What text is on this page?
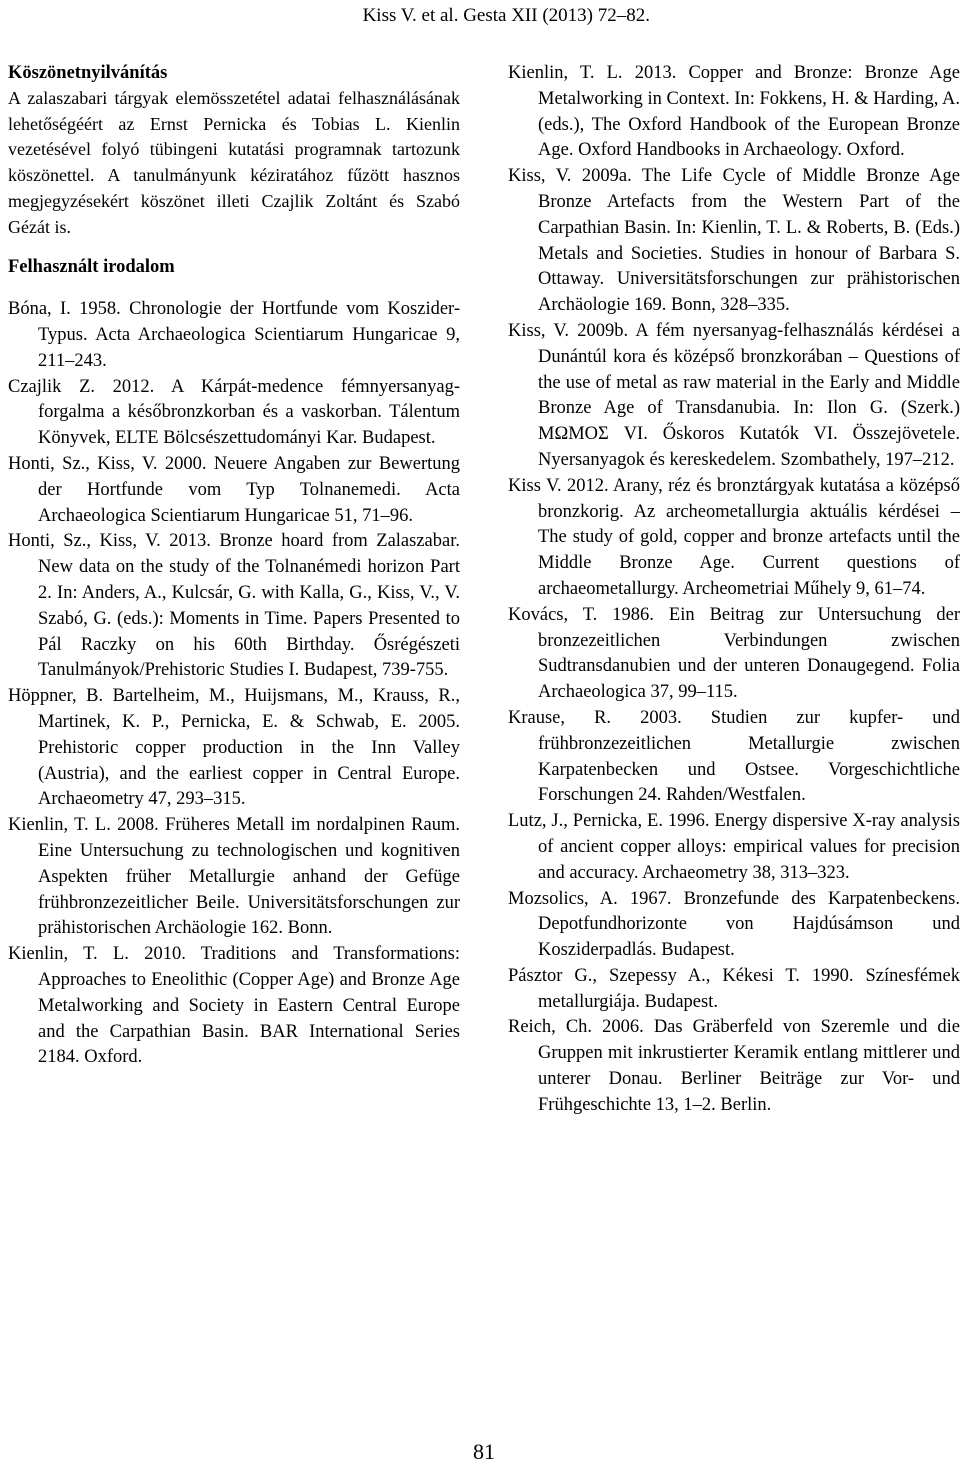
Kiss V. et al. Gesta XII (2013) 72–82.
Köszönetnyilvánítás

A zalaszabari tárgyak elemösszetétel adatai felhasználásának lehetőségéért az Ernst Pernicka és Tobias L. Kienlin vezetésével folyó tübingeni kutatási programnak tartozunk köszönettel. A tanulmányunk kéziratához fűzött hasznos megjegyzésekért köszönet illeti Czajlik Zoltánt és Szabó Gézát is.

Felhasznált irodalom

Bóna, I. 1958. Chronologie der Hortfunde vom Koszider-Typus. Acta Archaeologica Scientiarum Hungaricae 9, 211–243.

Czajlik Z. 2012. A Kárpát-medence fémnyersanyag-forgalma a későbronzkorban és a vaskorban. Tálentum Könyvek, ELTE Bölcsészettudományi Kar. Budapest.

Honti, Sz., Kiss, V. 2000. Neuere Angaben zur Bewertung der Hortfunde vom Typ Tolnanemedi. Acta Archaeologica Scientiarum Hungaricae 51, 71–96.

Honti, Sz., Kiss, V. 2013. Bronze hoard from Zalaszabar. New data on the study of the Tolnanémedi horizon Part 2. In: Anders, A., Kulcsár, G. with Kalla, G., Kiss, V., V. Szabó, G. (eds.): Moments in Time. Papers Presented to Pál Raczky on his 60th Birthday. Ősrégészeti Tanulmányok/Prehistoric Studies I. Budapest, 739-755.

Höppner, B. Bartelheim, M., Huijsmans, M., Krauss, R., Martinek, K. P., Pernicka, E. & Schwab, E. 2005. Prehistoric copper production in the Inn Valley (Austria), and the earliest copper in Central Europe. Archaeometry 47, 293–315.

Kienlin, T. L. 2008. Früheres Metall im nordalpinen Raum. Eine Untersuchung zu technologischen und kognitiven Aspekten früher Metallurgie anhand der Gefüge frühbronzezeitlicher Beile. Universitätsforschungen zur prähistorischen Archäologie 162. Bonn.

Kienlin, T. L. 2010. Traditions and Transformations: Approaches to Eneolithic (Copper Age) and Bronze Age Metalworking and Society in Eastern Central Europe and the Carpathian Basin. BAR International Series 2184. Oxford.

Kienlin, T. L. 2013. Copper and Bronze: Bronze Age Metalworking in Context. In: Fokkens, H. & Harding, A. (eds.), The Oxford Handbook of the European Bronze Age. Oxford Handbooks in Archaeology. Oxford.

Kiss, V. 2009a. The Life Cycle of Middle Bronze Age Bronze Artefacts from the Western Part of the Carpathian Basin. In: Kienlin, T. L. & Roberts, B. (Eds.) Metals and Societies. Studies in honour of Barbara S. Ottaway. Universitätsforschungen zur prähistorischen Archäologie 169. Bonn, 328–335.

Kiss, V. 2009b. A fém nyersanyag-felhasználás kérdései a Dunántúl kora és középső bronzkorában – Questions of the use of metal as raw material in the Early and Middle Bronze Age of Transdanubia. In: Ilon G. (Szerk.) ΜΩΜΟΣ VI. Őskoros Kutatók VI. Összejövetele. Nyersanyagok és kereskedelem. Szombathely, 197–212.

Kiss V. 2012. Arany, réz és bronztárgyak kutatása a középső bronzkorig. Az archeometallurgia aktuális kérdései – The study of gold, copper and bronze artefacts until the Middle Bronze Age. Current questions of archaeometallurgy. Archeometriai Műhely 9, 61–74.

Kovács, T. 1986. Ein Beitrag zur Untersuchung der bronzezeitlichen Verbindungen zwischen Sudtransdanubien und der unteren Donaugegend. Folia Archaeologica 37, 99–115.

Krause, R. 2003. Studien zur kupfer- und frühbronzezeitlichen Metallurgie zwischen Karpatenbecken und Ostsee. Vorgeschichtliche Forschungen 24. Rahden/Westfalen.

Lutz, J., Pernicka, E. 1996. Energy dispersive X-ray analysis of ancient copper alloys: empirical values for precision and accuracy. Archaeometry 38, 313–323.

Mozsolics, A. 1967. Bronzefunde des Karpatenbeckens. Depotfundhorizonte von Hajdúsámson und Kosziderpadlás. Budapest.

Pásztor G., Szepessy A., Kékesi T. 1990. Színesfémek metallurgiája. Budapest.

Reich, Ch. 2006. Das Gräberfeld von Szeremle und die Gruppen mit inkrustierter Keramik entlang mittlerer und unterer Donau. Berliner Beiträge zur Vor- und Frühgeschichte 13, 1–2. Berlin.

81
